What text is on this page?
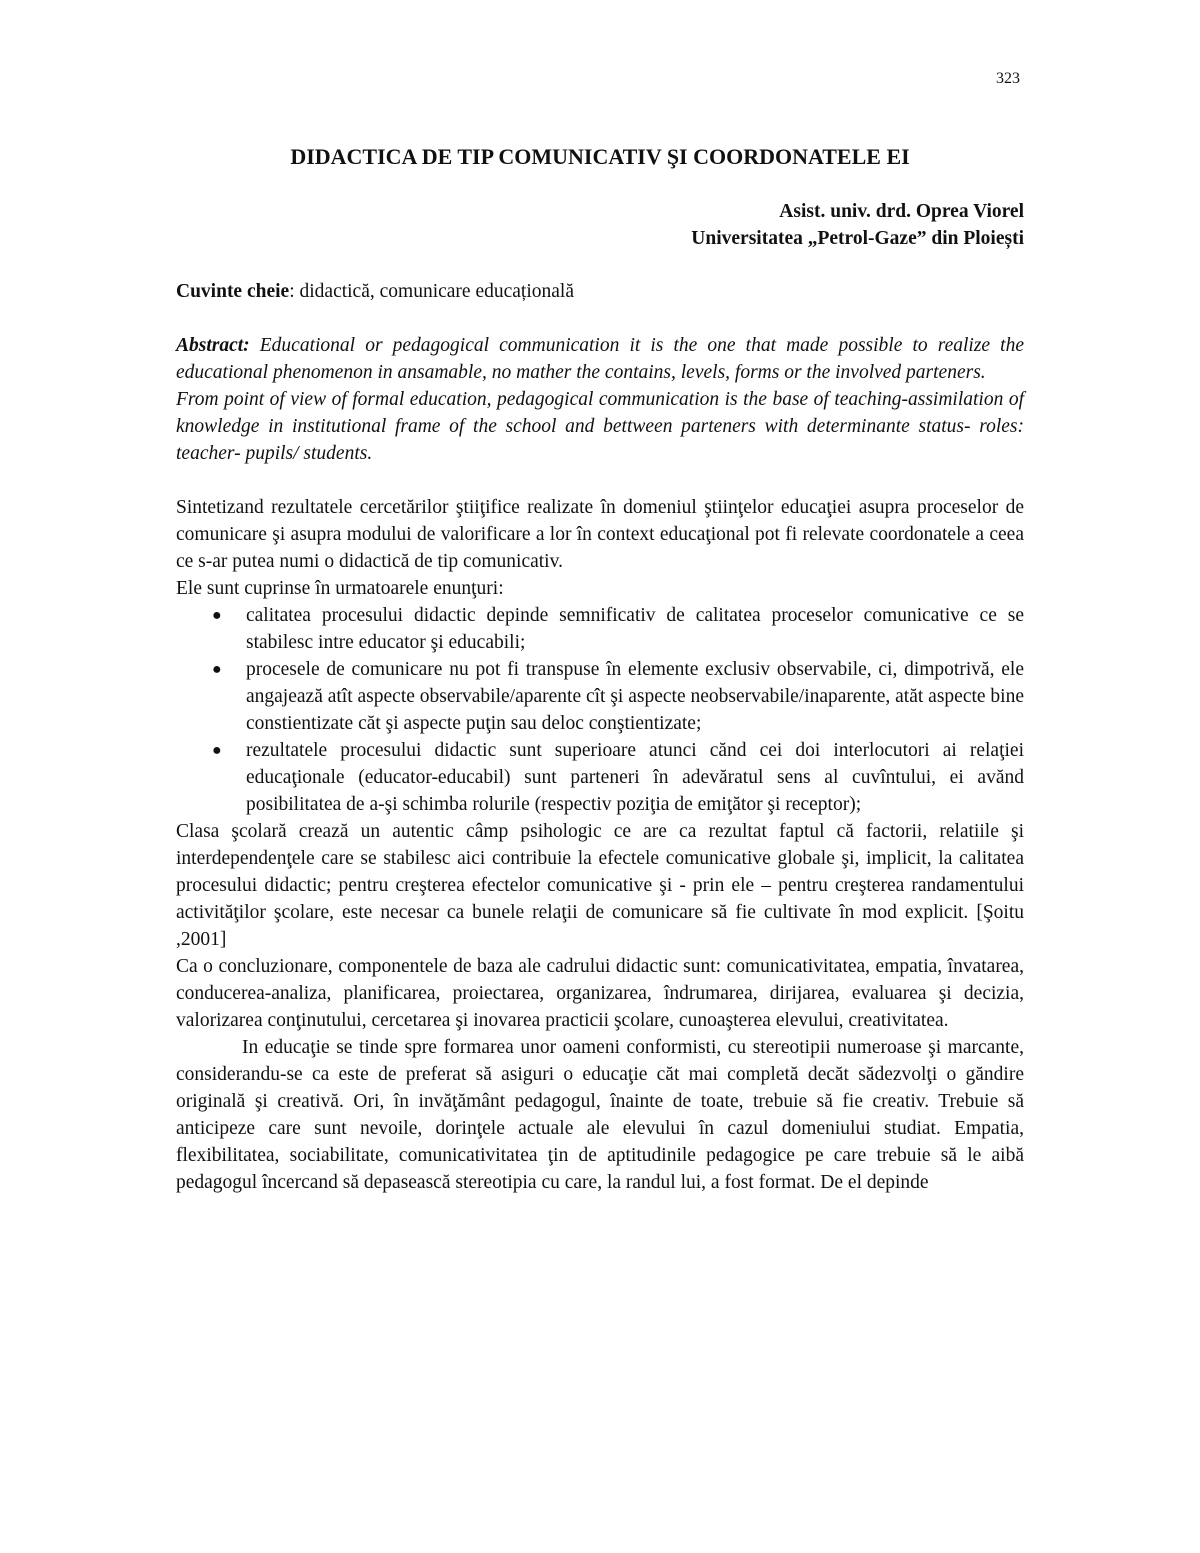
323
DIDACTICA DE TIP COMUNICATIV ŞI COORDONATELE EI
Asist. univ. drd. Oprea Viorel
Universitatea „Petrol-Gaze” din Ploiești
Cuvinte cheie: didactică, comunicare educațională

Abstract: Educational or pedagogical communication it is the one that made possible to realize the educational phenomenon in ansamable, no mather the contains, levels, forms or the involved parteners.

From point of view of formal education, pedagogical communication is the base of teaching-assimilation of knowledge in institutional frame of the school and bettween parteners with determinante status- roles: teacher- pupils/ students.

Sintetizand rezultatele cercetărilor ştiiţifice realizate în domeniul ştiinţelor educaţiei asupra proceselor de comunicare şi asupra modului de valorificare a lor în context educaţional pot fi relevate coordonatele a ceea ce s-ar putea numi o didactică de tip comunicativ.

Ele sunt cuprinse în urmatoarele enunţuri:

● calitatea procesului didactic depinde semnificativ de calitatea proceselor comunicative ce se stabilesc intre educator şi educabili;
● procesele de comunicare nu pot fi transpuse în elemente exclusiv observabile, ci, dimpotrivă, ele angajează atît aspecte observabile/aparente cît şi aspecte neobservabile/inaparente, atăt aspecte bine constientizate căt şi aspecte puţin sau deloc conştientizate;
● rezultatele procesului didactic sunt superioare atunci cănd cei doi interlocutori ai relaţiei educaţionale (educator-educabil) sunt parteneri în adevăratul sens al cuvîntului, ei avănd posibilitatea de a-şi schimba rolurile (respectiv poziţia de emiţător şi receptor);

Clasa şcolară crează un autentic câmp psihologic ce are ca rezultat faptul că factorii, relatiile şi interdependenţele care se stabilesc aici contribuie la efectele comunicative globale şi, implicit, la calitatea procesului didactic; pentru creşterea efectelor comunicative şi - prin ele – pentru creşterea randamentului activităţilor şcolare, este necesar ca bunele relaţii de comunicare să fie cultivate în mod explicit. [Şoitu ,2001]

Ca o concluzionare, componentele de baza ale cadrului didactic sunt: comunicativitatea, empatia, învatarea, conducerea-analiza, planificarea, proiectarea, organizarea, îndrumarea, dirijarea, evaluarea şi decizia, valorizarea conţinutului, cercetarea şi inovarea practicii şcolare, cunoaşterea elevului, creativitatea.

In educaţie se tinde spre formarea unor oameni conformisti, cu stereotipii numeroase şi marcante, considerandu-se ca este de preferat să asiguri o educaţie căt mai completă decăt sădezvolţi o găndire originală şi creativă. Ori, în invăţământ pedagogul, înainte de toate, trebuie să fie creativ. Trebuie să anticipeze care sunt nevoile, dorinţele actuale ale elevului în cazul domeniului studiat. Empatia, flexibilitatea, sociabilitate, comunicativitatea ţin de aptitudinile pedagogice pe care trebuie să le aibă pedagogul încercand să depasească stereotipia cu care, la randul lui, a fost format. De el depinde
